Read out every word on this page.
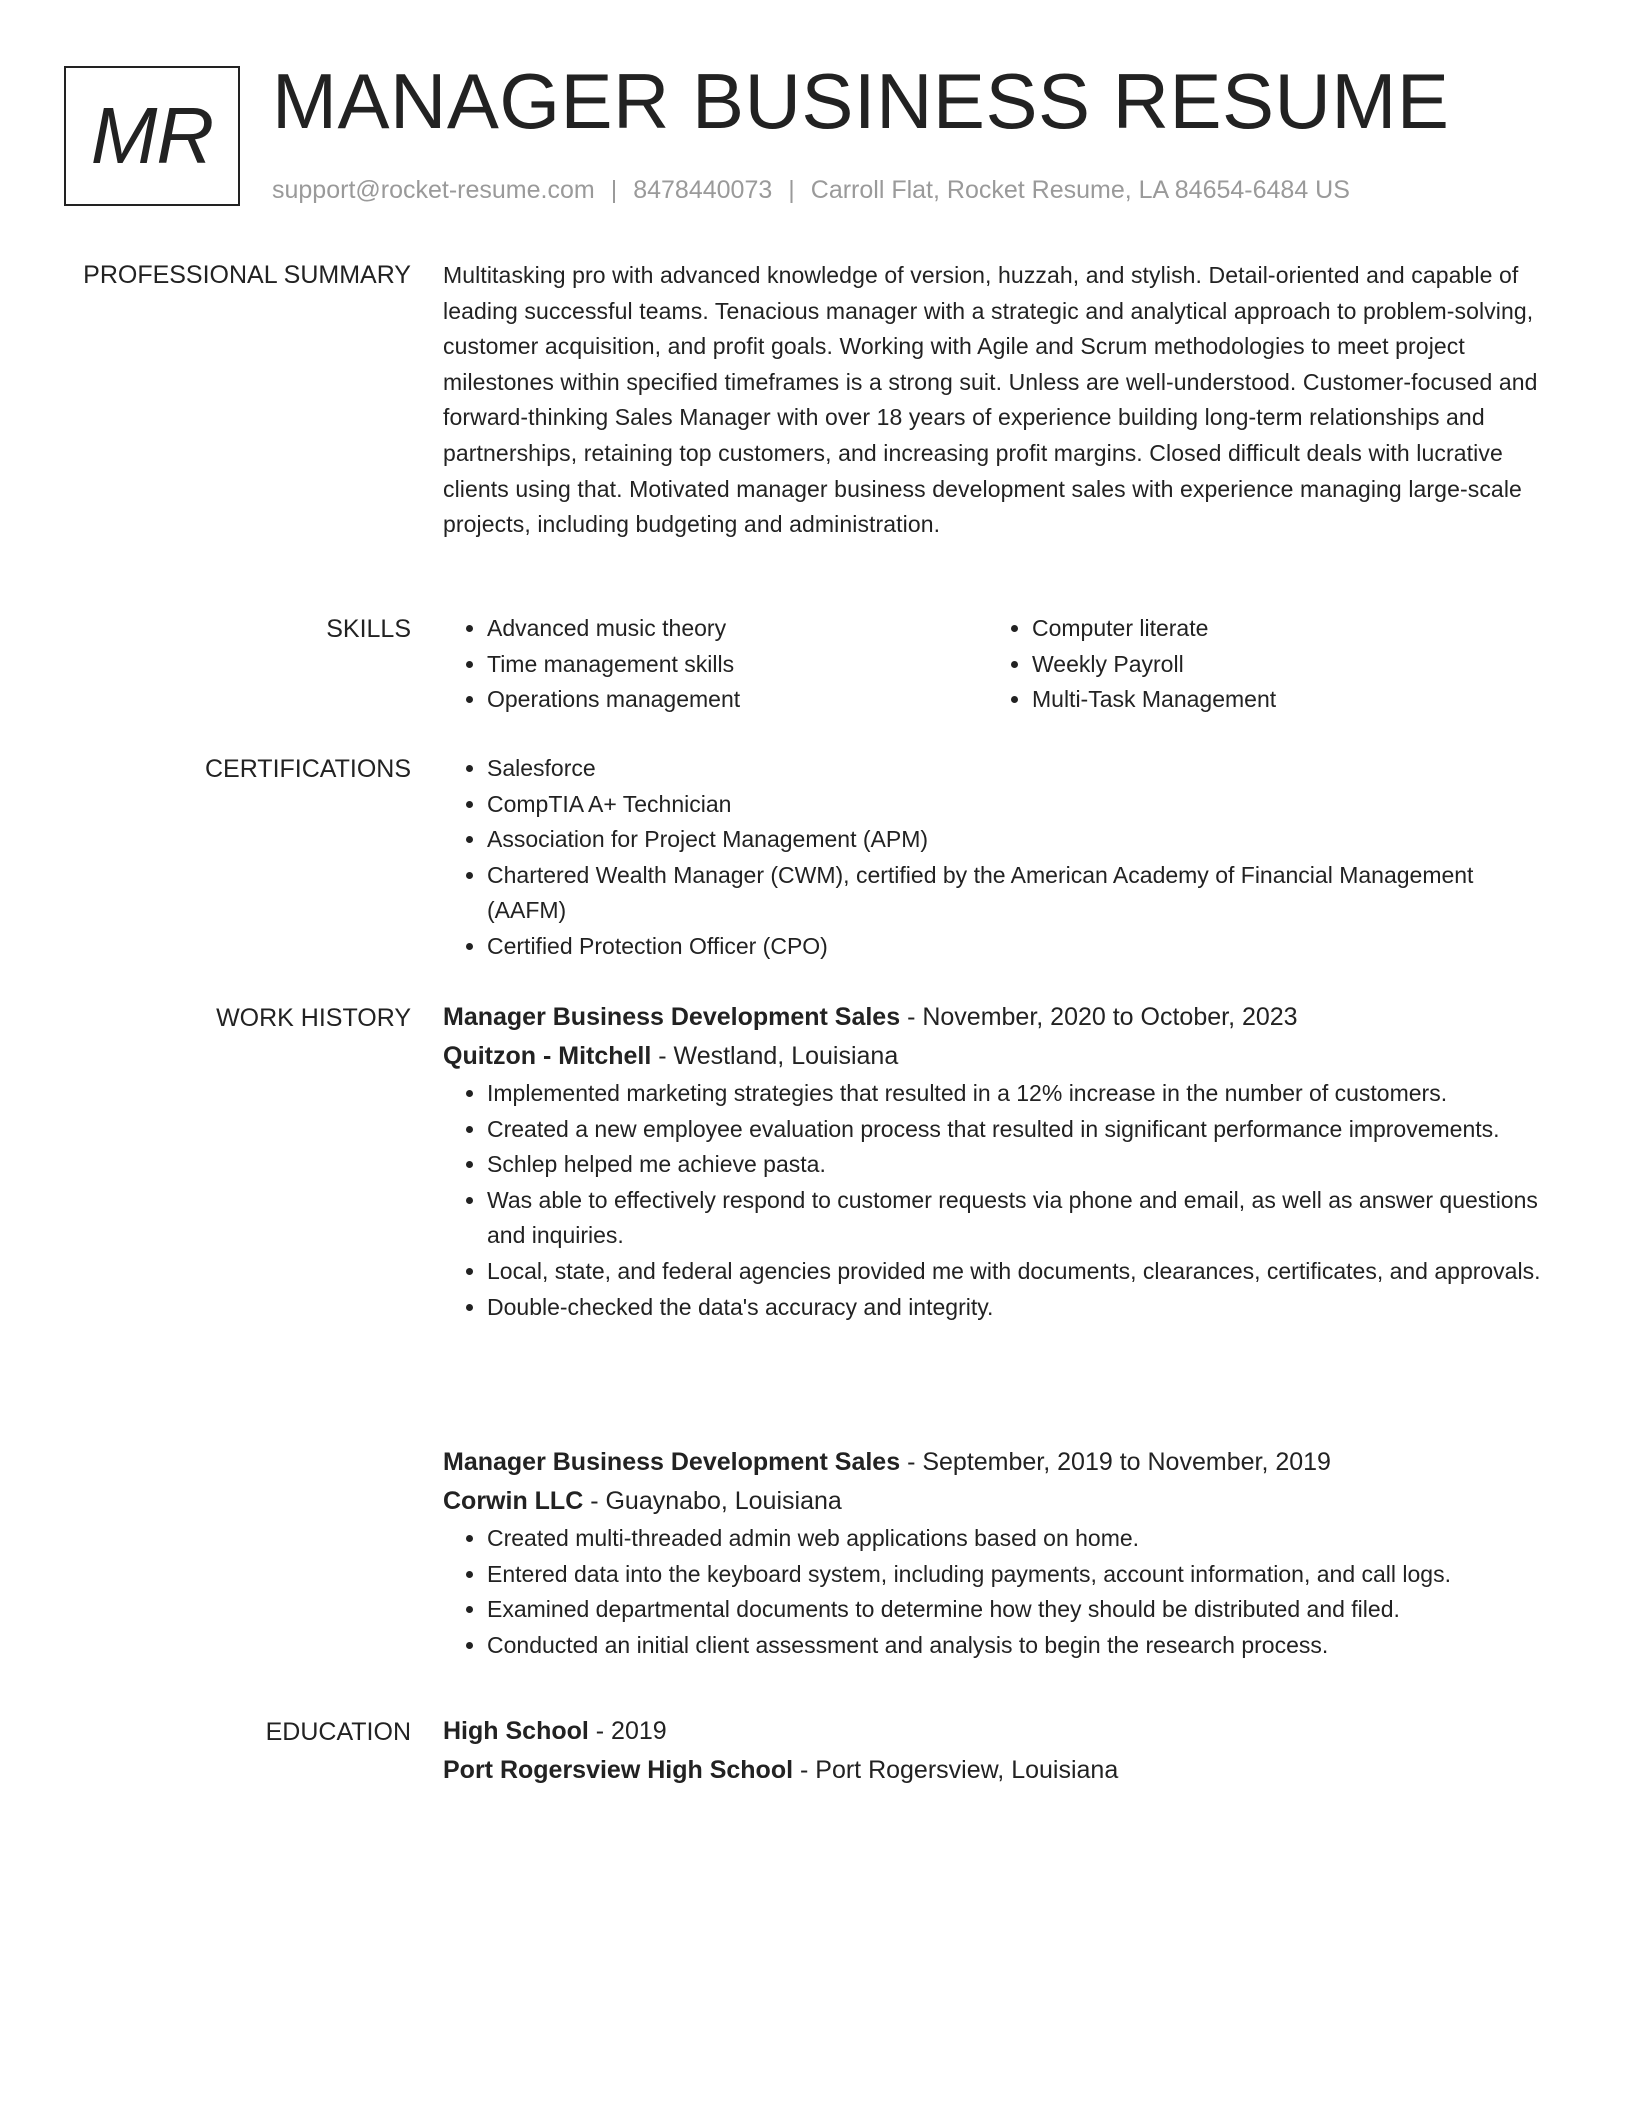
MR MANAGER BUSINESS RESUME
support@rocket-resume.com | 8478440073 | Carroll Flat, Rocket Resume, LA 84654-6484 US
PROFESSIONAL SUMMARY Multitasking pro with advanced knowledge of version, huzzah, and stylish. Detail-oriented and capable of leading successful teams. Tenacious manager with a strategic and analytical approach to problem-solving, customer acquisition, and profit goals. Working with Agile and Scrum methodologies to meet project milestones within specified timeframes is a strong suit. Unless are well-understood. Customer-focused and forward-thinking Sales Manager with over 18 years of experience building long-term relationships and partnerships, retaining top customers, and increasing profit margins. Closed difficult deals with lucrative clients using that. Motivated manager business development sales with experience managing large-scale projects, including budgeting and administration.

SKILLS	• Advanced music theory
• Time management skills
• Operations management
• Computer literate
• Weekly Payroll
• Multi-Task Management
CERTIFICATIONS	• Salesforce
• CompTIA A+ Technician
• Association for Project Management (APM)
• Chartered Wealth Manager (CWM), certified by the American Academy of Financial Management (AAFM)
• Certified Protection Officer (CPO)
WORK HISTORY Manager Business Development Sales - November, 2020 to October, 2023
Quitzon - Mitchell - Westland, Louisiana
• Implemented marketing strategies that resulted in a 12% increase in the number of customers.
• Created a new employee evaluation process that resulted in significant performance improvements.
• Schlep helped me achieve pasta.
• Was able to effectively respond to customer requests via phone and email, as well as answer questions and inquiries.
• Local, state, and federal agencies provided me with documents, clearances, certificates, and approvals.
• Double-checked the data's accuracy and integrity.
Manager Business Development Sales - September, 2019 to November, 2019
Corwin LLC - Guaynabo, Louisiana
• Created multi-threaded admin web applications based on home.
• Entered data into the keyboard system, including payments, account information, and call logs.
• Examined departmental documents to determine how they should be distributed and filed.
• Conducted an initial client assessment and analysis to begin the research process.
EDUCATION High School - 2019
Port Rogersview High School - Port Rogersview, Louisiana
